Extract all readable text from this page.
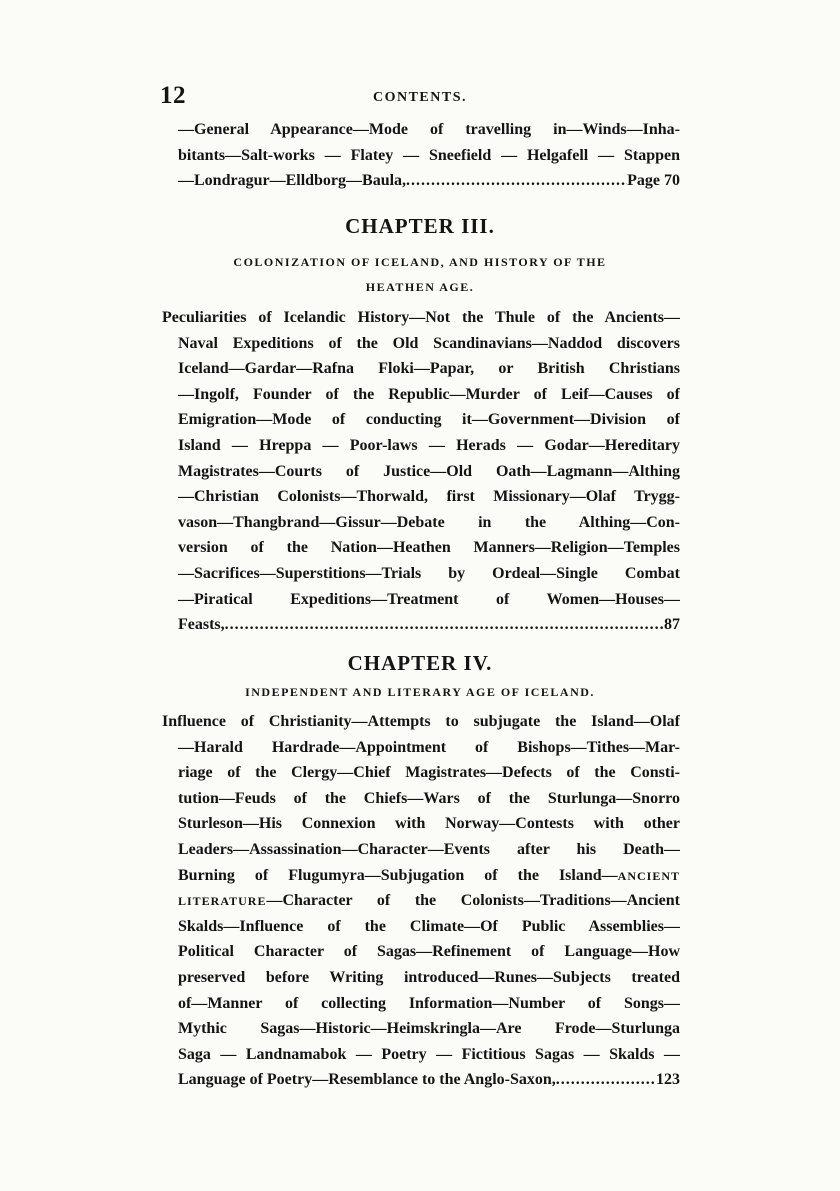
12	CONTENTS.
—General Appearance—Mode of travelling in—Winds—Inha-
bitants—Salt-works — Flatey — Sneefield — Helgafell — Stappen
—Londragur—Elldborg—Baula, .....	Page 70
CHAPTER III.
COLONIZATION OF ICELAND, AND HISTORY OF THE
HEATHEN AGE.
Peculiarities of Icelandic History—Not the Thule of the Ancients—
Naval Expeditions of the Old Scandinavians—Naddod discovers
Iceland—Gardar—Rafna Floki—Papar, or British Christians
—Ingolf, Founder of the Republic—Murder of Leif—Causes of
Emigration—Mode of conducting it—Government—Division of
Island — Hreppa — Poor-laws — Herads — Godar—Hereditary
Magistrates—Courts of Justice—Old Oath—Lagmann—Althing
—Christian Colonists—Thorwald, first Missionary—Olaf Trygg-
vason—Thangbrand—Gissur—Debate in the Althing—Con-
version of the Nation—Heathen Manners—Religion—Temples
—Sacrifices—Superstitions—Trials by Ordeal—Single Combat
—Piratical Expeditions—Treatment of Women—Houses—
Feasts, .....	87
CHAPTER IV.
INDEPENDENT AND LITERARY AGE OF ICELAND.
Influence of Christianity—Attempts to subjugate the Island—Olaf
—Harald Hardrade—Appointment of Bishops—Tithes—Mar-
riage of the Clergy—Chief Magistrates—Defects of the Consti-
tution—Feuds of the Chiefs—Wars of the Sturlunga—Snorro
Sturleson—His Connexion with Norway—Contests with other
Leaders—Assassination—Character—Events after his Death—
Burning of Flugumyra—Subjugation of the Island—ANCIENT
LITERATURE—Character of the Colonists—Traditions—Ancient
Skalds—Influence of the Climate—Of Public Assemblies—
Political Character of Sagas—Refinement of Language—How
preserved before Writing introduced—Runes—Subjects treated
of—Manner of collecting Information—Number of Songs—
Mythic Sagas—Historic—Heimskringla—Are Frode—Sturlunga
Saga — Landnamabok — Poetry — Fictitious Sagas — Skalds —
Language of Poetry—Resemblance to the Anglo-Saxon, .....	123
